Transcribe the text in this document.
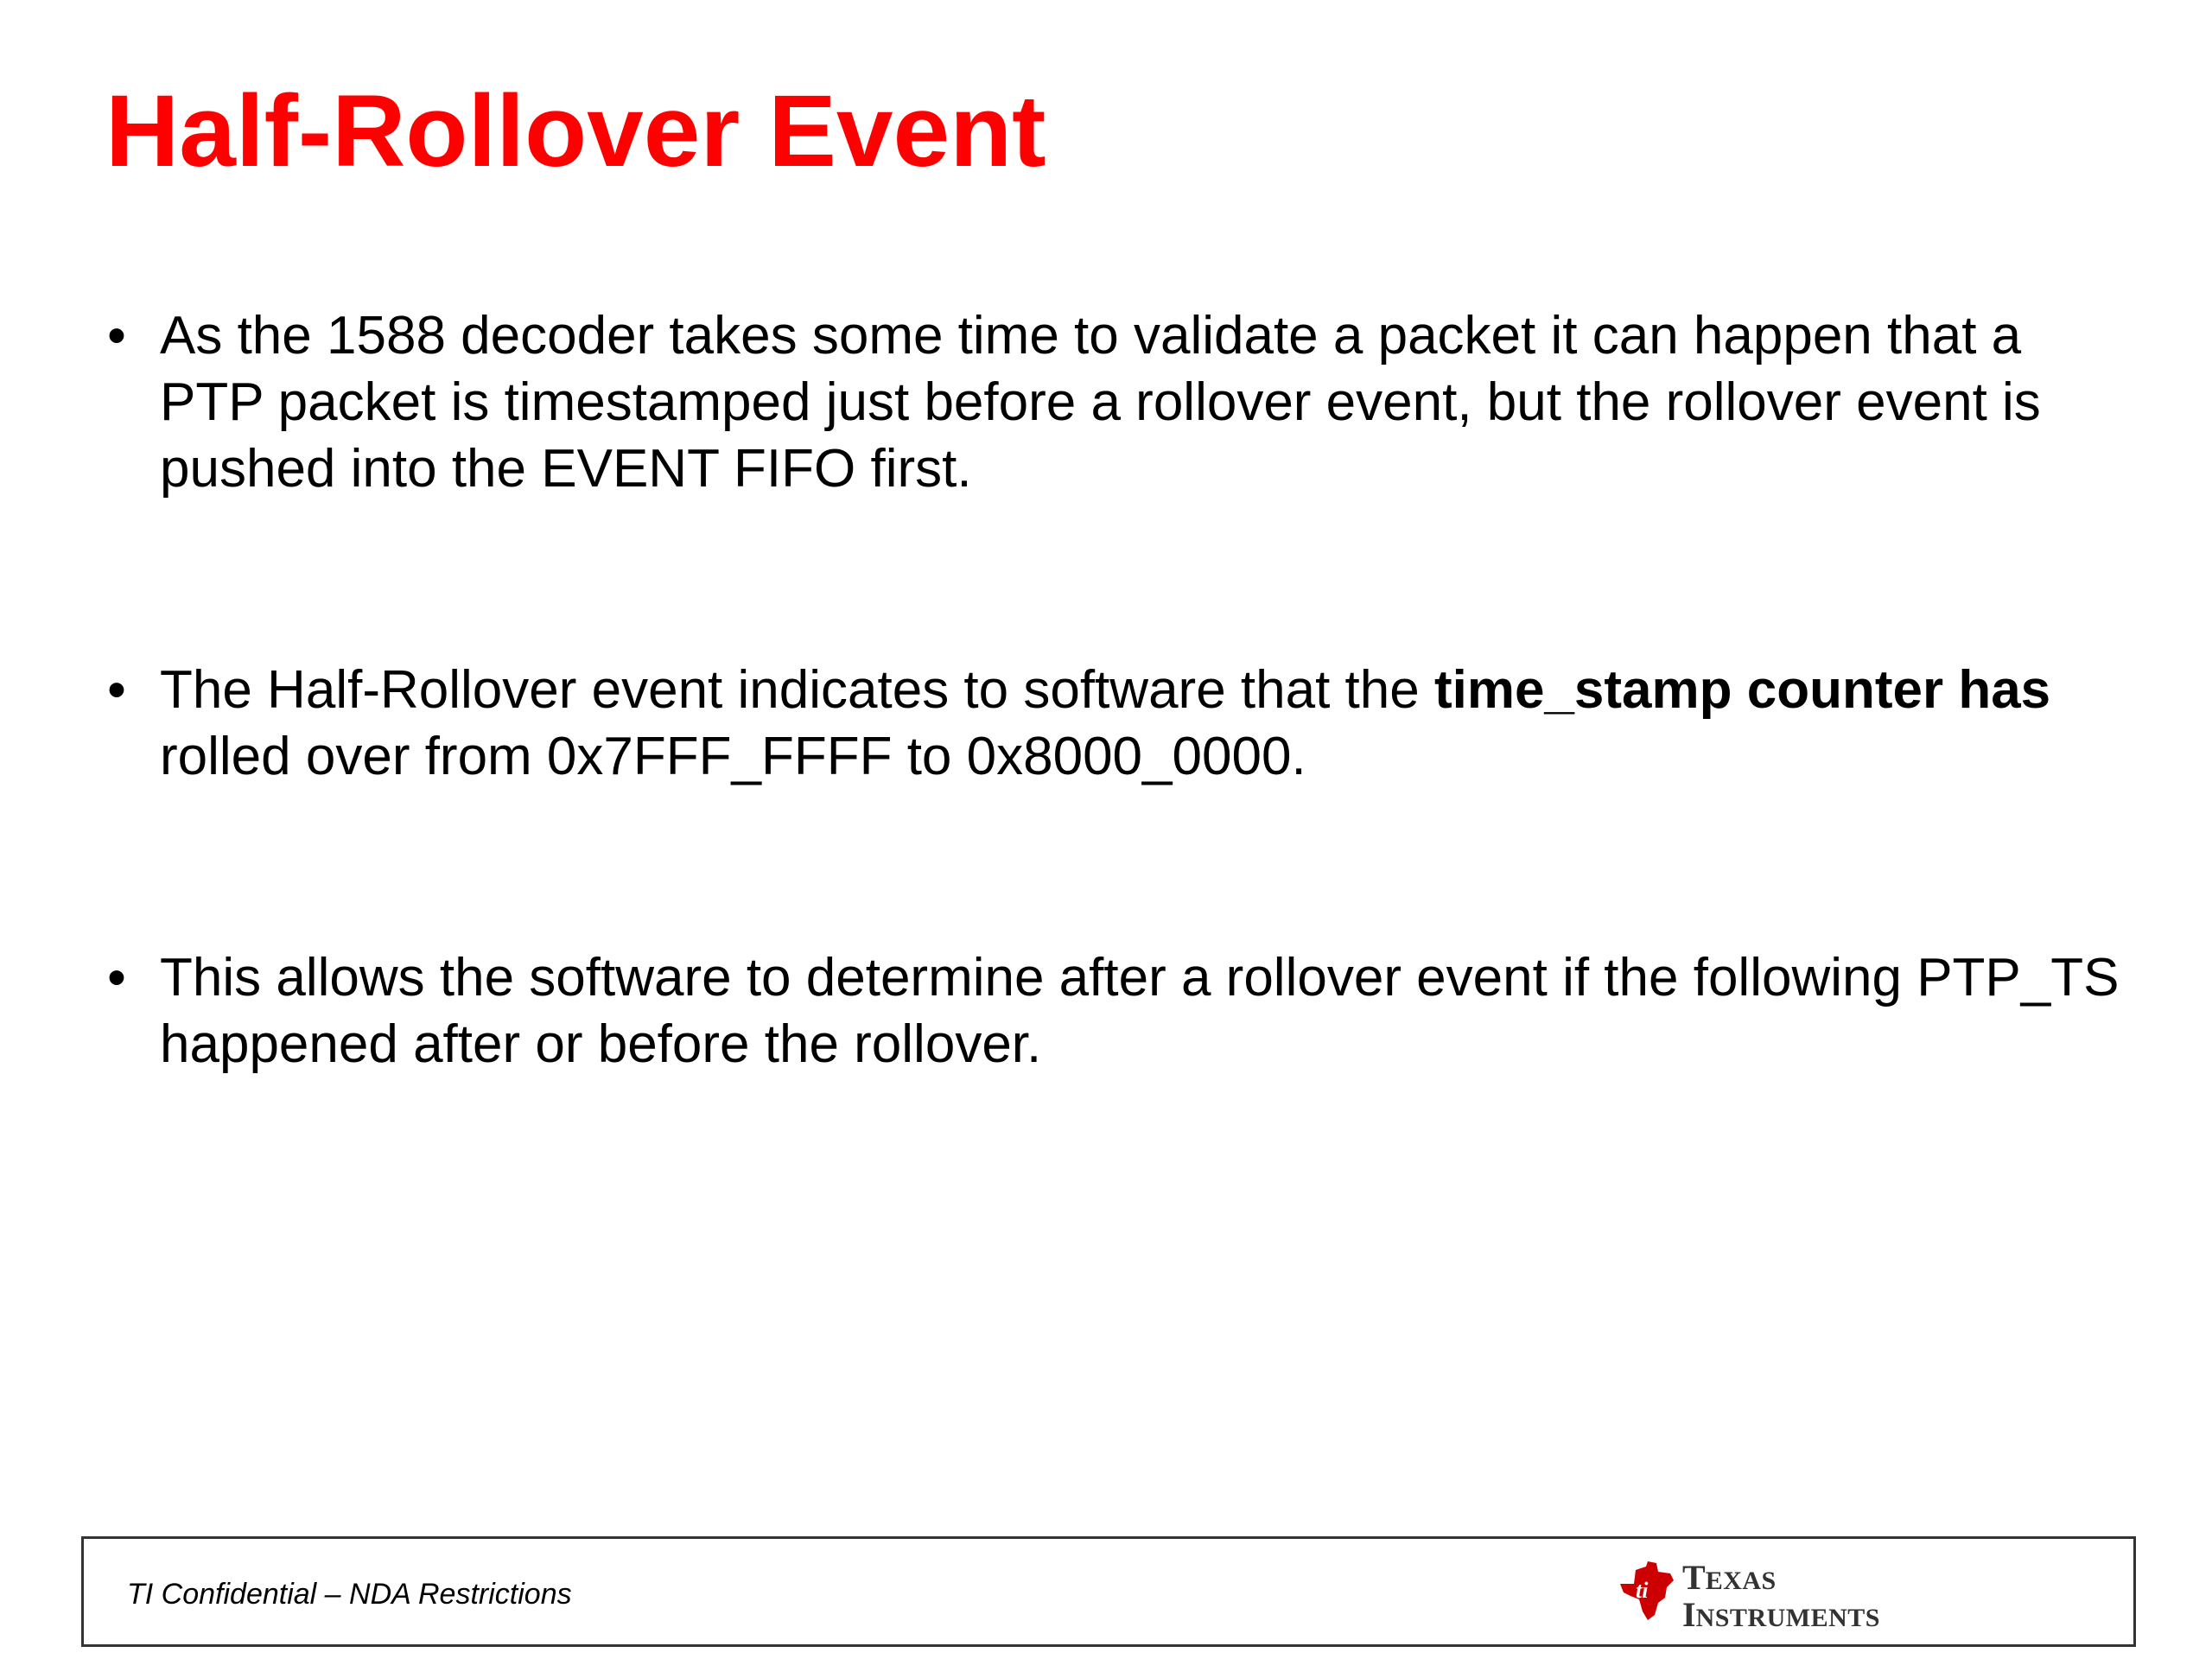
Half-Rollover Event
• As the 1588 decoder takes some time to validate a packet it can happen that a PTP packet is timestamped just before a rollover event, but the rollover event is pushed into the EVENT FIFO first.
• The Half-Rollover event indicates to software that the time_stamp counter has rolled over from 0x7FFF_FFFF to 0x8000_0000.
• This allows the software to determine after a rollover event if the following PTP_TS happened after or before the rollover.
TI Confidential – NDA Restrictions	ti TEXAS
INSTRUMENTS
